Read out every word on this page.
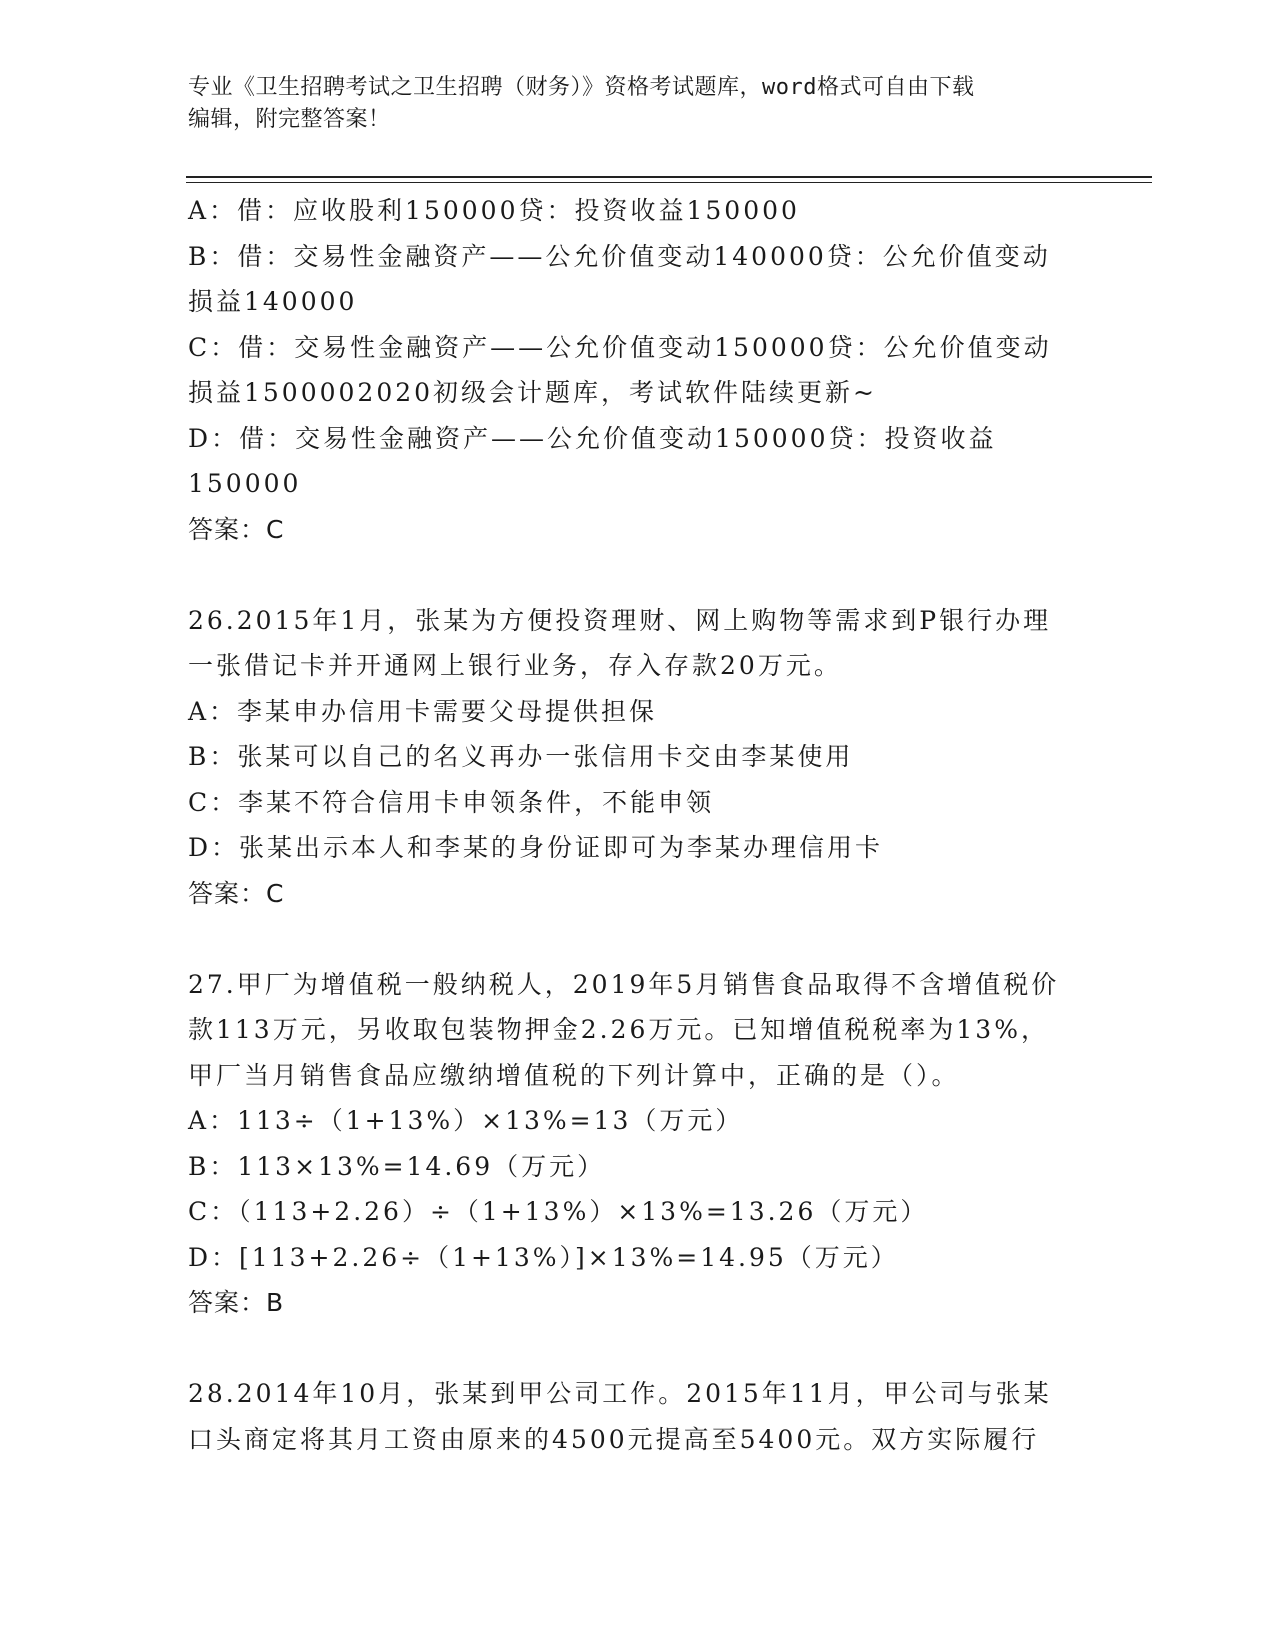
专业《卫生招聘考试之卫生招聘（财务）》资格考试题库，word格式可自由下载
编辑，附完整答案！
A：借：应收股利150000贷：投资收益150000
B：借：交易性金融资产——公允价值变动140000贷：公允价值变动
损益140000
C：借：交易性金融资产——公允价值变动150000贷：公允价值变动
损益1500002020初级会计题库，考试软件陆续更新~
D：借：交易性金融资产——公允价值变动150000贷：投资收益
150000
答案：C
26.2015年1月，张某为方便投资理财、网上购物等需求到P银行办理
一张借记卡并开通网上银行业务，存入存款20万元。
A：李某申办信用卡需要父母提供担保
B：张某可以自己的名义再办一张信用卡交由李某使用
C：李某不符合信用卡申领条件，不能申领
D：张某出示本人和李某的身份证即可为李某办理信用卡
答案：C
27.甲厂为增值税一般纳税人，2019年5月销售食品取得不含增值税价
款113万元，另收取包装物押金2.26万元。已知增值税税率为13%，
甲厂当月销售食品应缴纳增值税的下列计算中，正确的是（）。
A：113÷（1+13%）×13%=13（万元）
B：113×13%=14.69（万元）
C：（113+2.26）÷（1+13%）×13%=13.26（万元）
D：[113+2.26÷（1+13%）]×13%=14.95（万元）
答案：B
28.2014年10月，张某到甲公司工作。2015年11月，甲公司与张某
口头商定将其月工资由原来的4500元提高至5400元。双方实际履行
